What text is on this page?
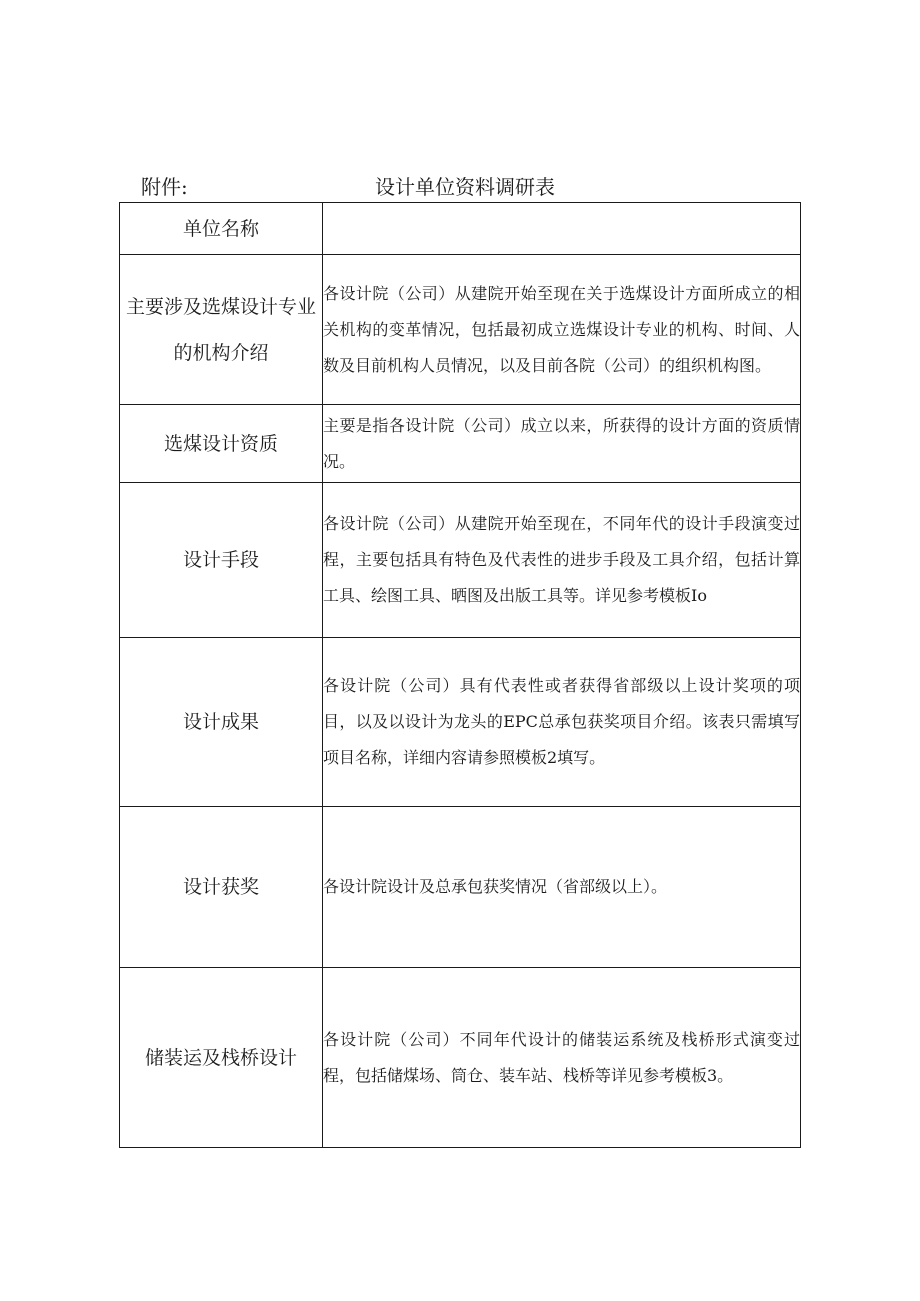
附件:	设计单位资料调研表
单位名称	
主要涉及选煤设计专业的机构介绍	各设计院（公司）从建院开始至现在关于选煤设计方面所成立的相关机构的变革情况，包括最初成立选煤设计专业的机构、时间、人数及目前机构人员情况，以及目前各院（公司）的组织机构图。
选煤设计资质	主要是指各设计院（公司）成立以来，所获得的设计方面的资质情况。
设计手段	各设计院（公司）从建院开始至现在，不同年代的设计手段演变过程，主要包括具有特色及代表性的进步手段及工具介绍，包括计算工具、绘图工具、晒图及出版工具等。详见参考模板Io
设计成果	各设计院（公司）具有代表性或者获得省部级以上设计奖项的项目，以及以设计为龙头的EPC总承包获奖项目介绍。该表只需填写项目名称，详细内容请参照模板2填写。
设计获奖	各设计院设计及总承包获奖情况（省部级以上）。
储装运及栈桥设计	各设计院（公司）不同年代设计的储装运系统及栈桥形式演变过程，包括储煤场、筒仓、装车站、栈桥等详见参考模板3。
